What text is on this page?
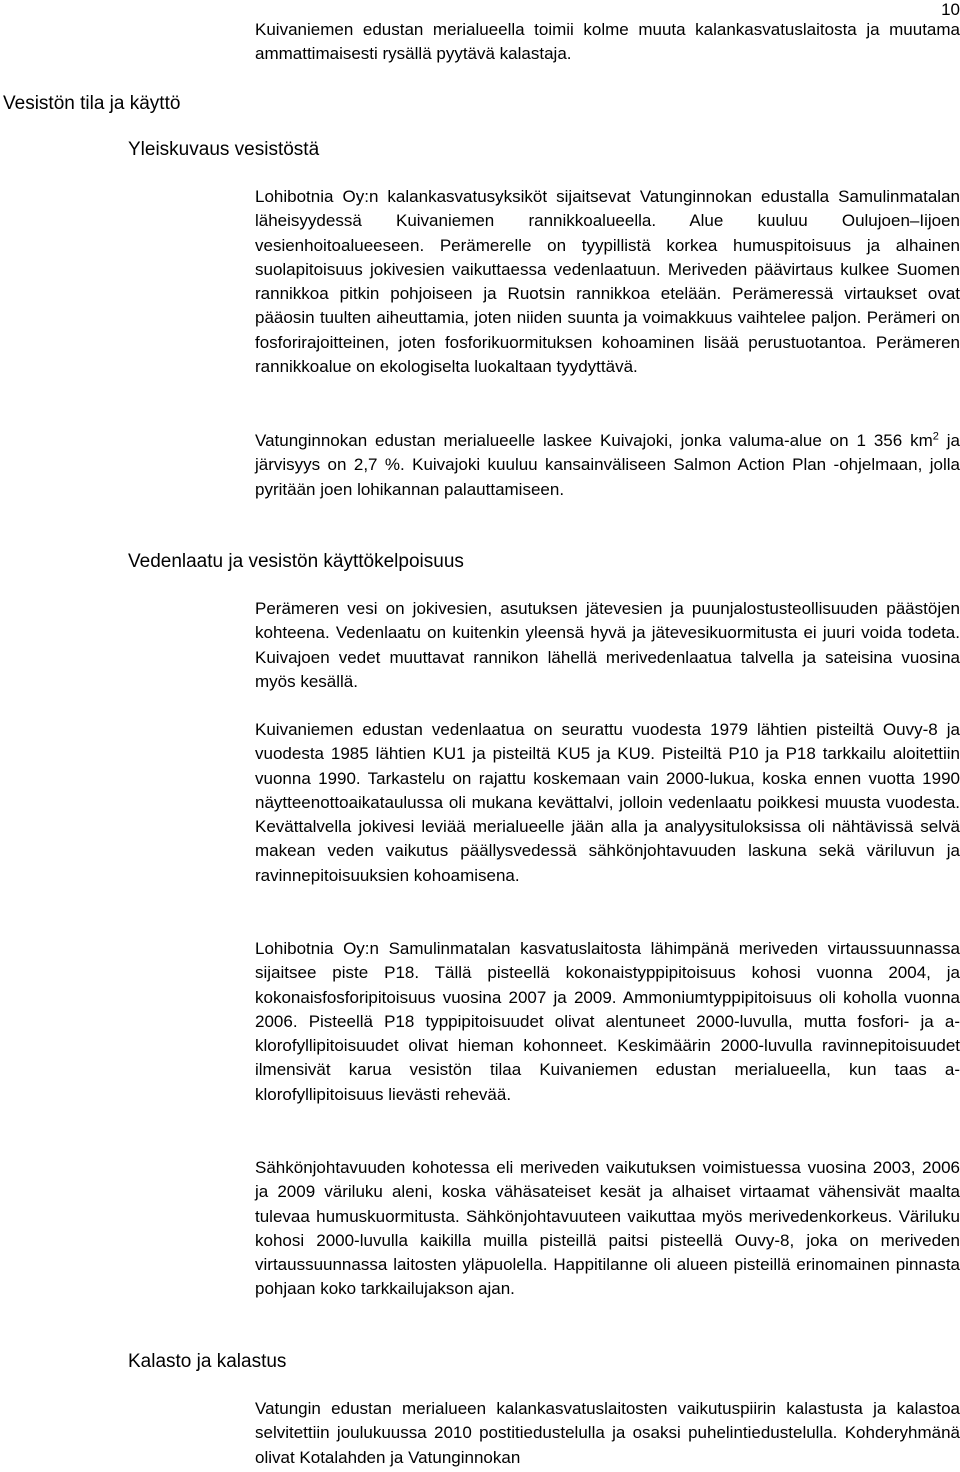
10

Kuivaniemen edustan merialueella toimii kolme muuta kalankasvatuslaitosta ja muutama ammattimaisesti rysällä pyytävä kalastaja.

Vesistön tila ja käyttö
Yleiskuvaus vesistöstä

Lohibotnia Oy:n kalankasvatusyksiköt sijaitsevat Vatunginnokan edustalla Samulinmatalan läheisyydessä Kuivaniemen rannikkoalueella. Alue kuuluu Oulujoen–Iijoen vesienhoitoalueeseen. Perämerelle on tyypillistä korkea humuspitoisuus ja alhainen suolapitoisuus jokivesien vaikuttaessa vedenlaatuun. Meriveden päävirtaus kulkee Suomen rannikkoa pitkin pohjoiseen ja Ruotsin rannikkoa etelään. Perämeressä virtaukset ovat pääosin tuulten aiheuttamia, joten niiden suunta ja voimakkuus vaihtelee paljon. Perämeri on fosforirajoitteinen, joten fosforikuormituksen kohoaminen lisää perustuotantoa. Perämeren rannikkoalue on ekologiselta luokaltaan tyydyttävä.

Vatunginnokan edustan merialueelle laskee Kuivajoki, jonka valuma-alue on 1 356 $km^2$ ja järvisyys on 2,7 %. Kuivajoki kuuluu kansainväliseen Salmon Action Plan -ohjelmaan, jolla pyritään joen lohikannan palauttamiseen.

Vedenlaatu ja vesistön käyttökelpoisuus

Perämeren vesi on jokivesien, asutuksen jätevesien ja puunjalostusteollisuuden päästöjen kohteena. Vedenlaatu on kuitenkin yleensä hyvä ja jätevesikuormitusta ei juuri voida todeta. Kuivajoen vedet muuttavat rannikon lähellä merivedenlaatua talvella ja sateisina vuosina myös kesällä.

Kuivaniemen edustan vedenlaatua on seurattu vuodesta 1979 lähtien pisteiltä Ouvy-8 ja vuodesta 1985 lähtien KU1 ja pisteiltä KU5 ja KU9. Pisteiltä P10 ja P18 tarkkailu aloitettiin vuonna 1990. Tarkastelu on rajattu koskemaan vain 2000-lukua, koska ennen vuotta 1990 näytteenottoaikataulussa oli mukana kevättalvi, jolloin vedenlaatu poikkesi muusta vuodesta. Kevättalvella jokivesi leviää merialueelle jään alla ja analyysituloksissa oli nähtävissä selvä makean veden vaikutus päällysvedessä sähkönjohtavuuden laskuna sekä väriluvun ja ravinnepitoisuuksien kohoamisena.

Lohibotnia Oy:n Samulinmatalan kasvatuslaitosta lähimpänä meriveden virtaussuunnassa sijaitsee piste P18. Tällä pisteellä kokonaistyppipitoisuus kohosi vuonna 2004, ja kokonaisfosforipitoisuus vuosina 2007 ja 2009. Ammoniumtyppipitoisuus oli koholla vuonna 2006. Pisteellä P18 typpipitoisuudet olivat alentuneet 2000-luvulla, mutta fosfori- ja a-klorofyllipitoisuudet olivat hieman kohonneet. Keskimäärin 2000-luvulla ravinnepitoisuudet ilmensivät karua vesistön tilaa Kuivaniemen edustan merialueella, kun taas a-klorofyllipitoisuus lievästi rehevää.

Sähkönjohtavuuden kohotessa eli meriveden vaikutuksen voimistuessa vuosina 2003, 2006 ja 2009 väriluku aleni, koska vähäsateiset kesät ja alhaiset virtaamat vähensivät maalta tulevaa humuskuormitusta. Sähkönjohtavuuteen vaikuttaa myös merivedenkorkeus. Väriluku kohosi 2000-luvulla kaikilla muilla pisteillä paitsi pisteellä Ouvy-8, joka on meriveden virtaussuunnassa laitosten yläpuolella. Happitilanne oli alueen pisteillä erinomainen pinnasta pohjaan koko tarkkailujakson ajan.

Kalasto ja kalastus

Vatungin edustan merialueen kalankasvatuslaitosten vaikutuspiirin kalastusta ja kalastoa selvitettiin joulukuussa 2010 postitiedustelulla ja osaksi puhelintiedustelulla. Kohderyhmänä olivat Kotalahden ja Vatunginnokan
